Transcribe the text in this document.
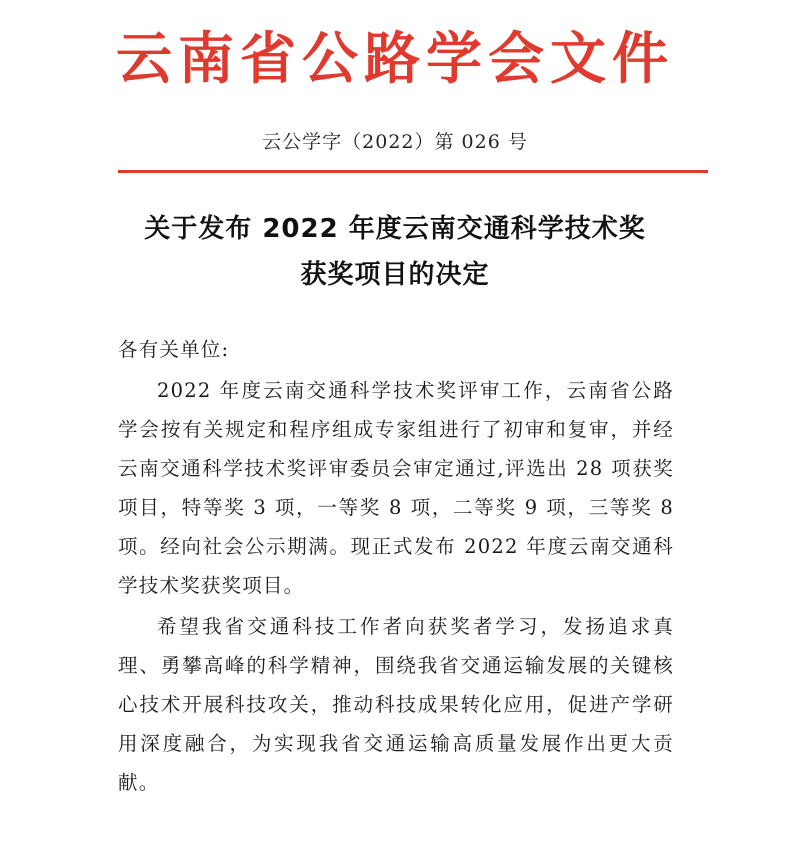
云南省公路学会文件
云公学字（2022）第 026 号
关于发布 2022 年度云南交通科学技术奖
获奖项目的决定

各有关单位:

2022 年度云南交通科学技术奖评审工作，云南省公路学会按有关规定和程序组成专家组进行了初审和复审，并经云南交通科学技术奖评审委员会审定通过,评选出 28 项获奖项目，特等奖 3 项，一等奖 8 项，二等奖 9 项，三等奖 8 项。经向社会公示期满。现正式发布 2022 年度云南交通科学技术奖获奖项目。

希望我省交通科技工作者向获奖者学习，发扬追求真理、勇攀高峰的科学精神，围绕我省交通运输发展的关键核心技术开展科技攻关，推动科技成果转化应用，促进产学研用深度融合，为实现我省交通运输高质量发展作出更大贡献。
